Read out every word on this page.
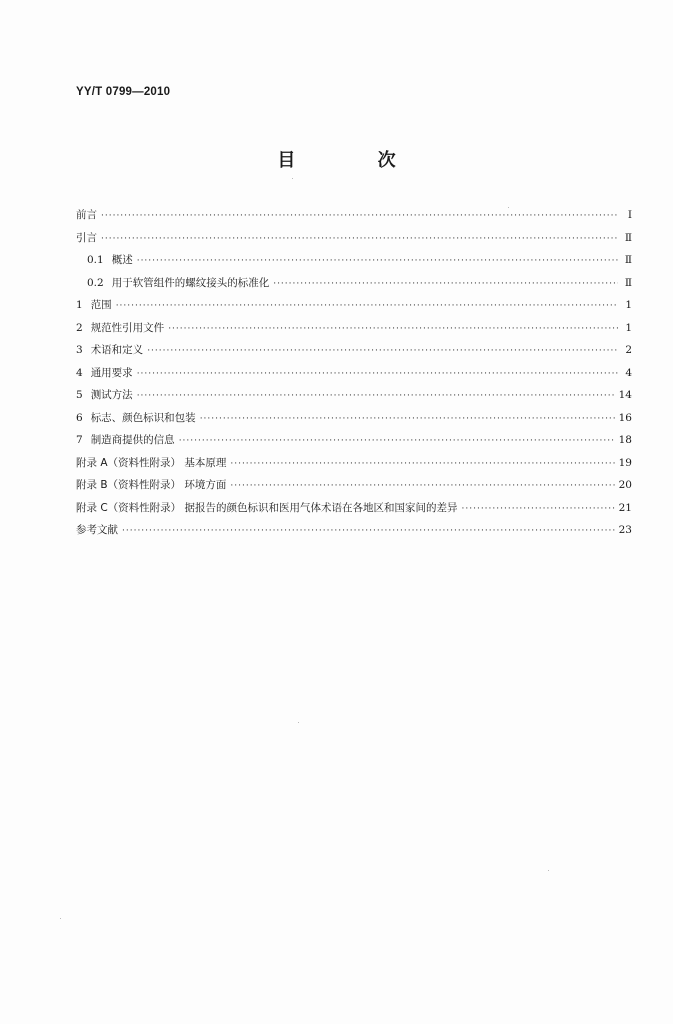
YY/T 0799—2010
目 次
前言 ·····	Ⅰ
引言 ·····	Ⅱ
0.1 概述 ·····	Ⅱ
0.2 用于软管组件的螺纹接头的标准化 ·····	Ⅱ
1 范围 ·····	1
2 规范性引用文件 ·····	1
3 术语和定义 ·····	2
4 通用要求 ·····	4
5 测试方法 ·····	14
6 标志、颜色标识和包装 ·····	16
7 制造商提供的信息 ·····	18
附录 A（资料性附录） 基本原理 ·····	19
附录 B（资料性附录） 环境方面 ·····	20
附录 C（资料性附录） 据报告的颜色标识和医用气体术语在各地区和国家间的差异 ·····	21
参考文献 ·····	23
